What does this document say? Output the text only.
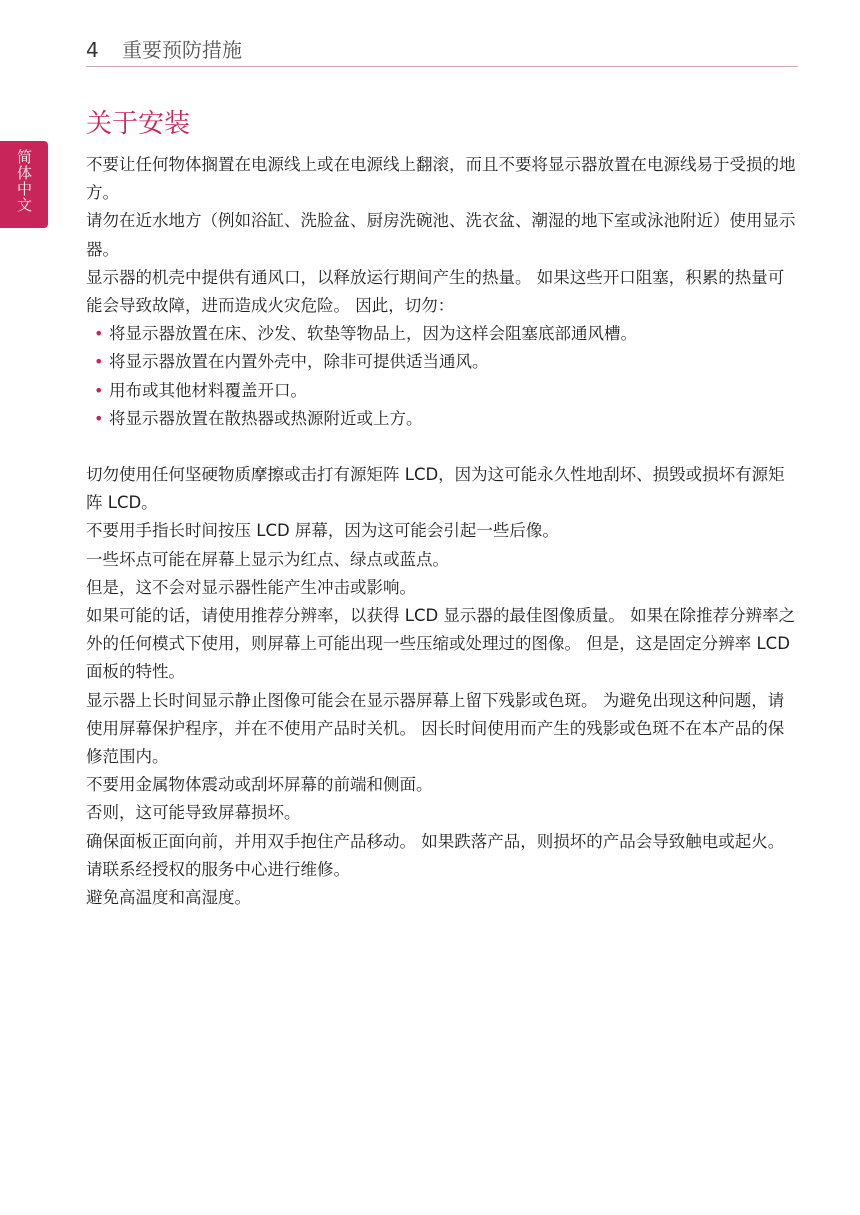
4 重要预防措施
简体中文
关于安装

不要让任何物体搁置在电源线上或在电源线上翻滚，而且不要将显示器放置在电源线易于受损的地方。

请勿在近水地方（例如浴缸、洗脸盆、厨房洗碗池、洗衣盆、潮湿的地下室或泳池附近）使用显示器。

显示器的机壳中提供有通风口，以释放运行期间产生的热量。 如果这些开口阻塞，积累的热量可能会导致故障，进而造成火灾危险。 因此，切勿：

• 将显示器放置在床、沙发、软垫等物品上，因为这样会阻塞底部通风槽。
• 将显示器放置在内置外壳中，除非可提供适当通风。
• 用布或其他材料覆盖开口。
• 将显示器放置在散热器或热源附近或上方。

切勿使用任何坚硬物质摩擦或击打有源矩阵 LCD，因为这可能永久性地刮坏、损毁或损坏有源矩阵 LCD。

不要用手指长时间按压 LCD 屏幕，因为这可能会引起一些后像。

一些坏点可能在屏幕上显示为红点、绿点或蓝点。

但是，这不会对显示器性能产生冲击或影响。

如果可能的话，请使用推荐分辨率，以获得 LCD 显示器的最佳图像质量。 如果在除推荐分辨率之外的任何模式下使用，则屏幕上可能出现一些压缩或处理过的图像。 但是，这是固定分辨率 LCD 面板的特性。

显示器上长时间显示静止图像可能会在显示器屏幕上留下残影或色斑。 为避免出现这种问题，请使用屏幕保护程序，并在不使用产品时关机。 因长时间使用而产生的残影或色斑不在本产品的保修范围内。

不要用金属物体震动或刮坏屏幕的前端和侧面。

否则，这可能导致屏幕损坏。

确保面板正面向前，并用双手抱住产品移动。 如果跌落产品，则损坏的产品会导致触电或起火。 请联系经授权的服务中心进行维修。

避免高温度和高湿度。
